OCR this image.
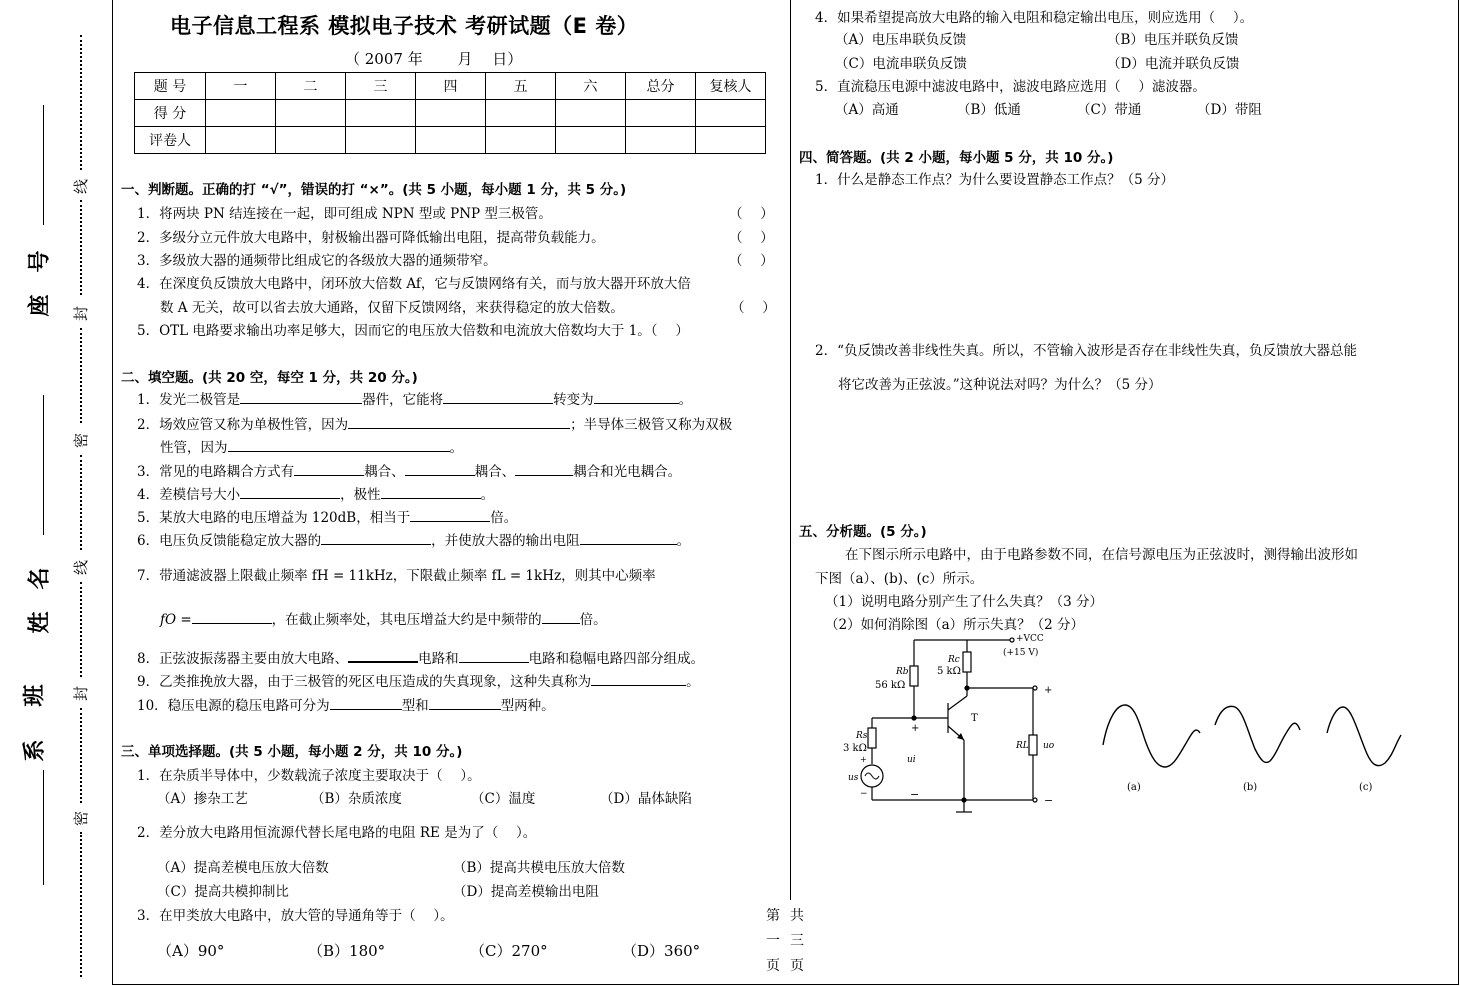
线
封
密
线
封
密
座　号
姓　名
班
系
电子信息工程系 模拟电子技术 考研试题（E 卷）
（ 2007 年　　 月　 日）
题 号	一	二	三	四	五	六	总分	复核人
得 分								
评卷人								
一、判断题。正确的打 “√”，错误的打 “×”。(共 5 小题，每小题 1 分，共 5 分。)
1．将两块 PN 结连接在一起，即可组成 NPN 型或 PNP 型三极管。	（　 ）
2．多级分立元件放大电路中，射极输出器可降低输出电阻，提高带负载能力。	（　 ）
3．多级放大器的通频带比组成它的各级放大器的通频带窄。	（　 ）
4．在深度负反馈放大电路中，闭环放大倍数 Af，它与反馈网络有关，而与放大器开环放大倍
数 A 无关，故可以省去放大通路，仅留下反馈网络，来获得稳定的放大倍数。	（　 ）
5．OTL 电路要求输出功率足够大，因而它的电压放大倍数和电流放大倍数均大于 1。（　 ）
二、填空题。(共 20 空，每空 1 分，共 20 分。)
1．发光二极管是	器件，它能将	转变为	。
2．场效应管又称为单极性管，因为	；半导体三极管又称为双极
性管，因为	。
3．常见的电路耦合方式有	耦合、	耦合、	耦合和光电耦合。
4．差模信号大小	，极性	。
5．某放大电路的电压增益为 120dB，相当于	倍。
6．电压负反馈能稳定放大器的	，并使放大器的输出电阻	。
7．带通滤波器上限截止频率 fH = 11kHz，下限截止频率 fL = 1kHz，则其中心频率
fO =	，在截止频率处，其电压增益大约是中频带的	倍。
8．正弦波振荡器主要由放大电路、	电路和	电路和稳幅电路四部分组成。
9．乙类推挽放大器，由于三极管的死区电压造成的失真现象，这种失真称为	。
10．稳压电源的稳压电路可分为	型和	型两种。
三、单项选择题。(共 5 小题，每小题 2 分，共 10 分。)
1．在杂质半导体中，少数载流子浓度主要取决于（　 ）。
（A）掺杂工艺	（B）杂质浓度	（C）温度	（D）晶体缺陷
2．差分放大电路用恒流源代替长尾电路的电阻 RE 是为了（　 ）。
（A）提高差模电压放大倍数	（B）提高共模电压放大倍数
（C）提高共模抑制比	（D）提高差模输出电阻
3．在甲类放大电路中，放大管的导通角等于（　 ）。
（A）90°	（B）180°	（C）270°	（D）360°
第
一
页
共
三
页
4．如果希望提高放大电路的输入电阻和稳定输出电压，则应选用（　 ）。
（A）电压串联负反馈	（B）电压并联负反馈
（C）电流串联负反馈	（D）电流并联负反馈
5．直流稳压电源中滤波电路中，滤波电路应选用（　 ）滤波器。
（A）高通	（B）低通	（C）带通	（D）带阻
四、简答题。(共 2 小题，每小题 5 分，共 10 分。)
1．什么是静态工作点？为什么要设置静态工作点？（5 分）
2．“负反馈改善非线性失真。所以，不管输入波形是否存在非线性失真，负反馈放大器总能
将它改善为正弦波。”这种说法对吗？为什么？（5 分）
五、分析题。(5 分。)
在下图示所示电路中，由于电路参数不同，在信号源电压为正弦波时，测得输出波形如
下图（a）、(b)、(c）所示。
（1）说明电路分别产生了什么失真？（3 分）
（2）如何消除图（a）所示失真？（2 分）
+VCC
(+15 V)
Rb
56 kΩ
Rc
5 kΩ
Rs
3 kΩ
T
ui
us
RL uo
+
−
+
−
+
−
(a)	(b)	(c)
